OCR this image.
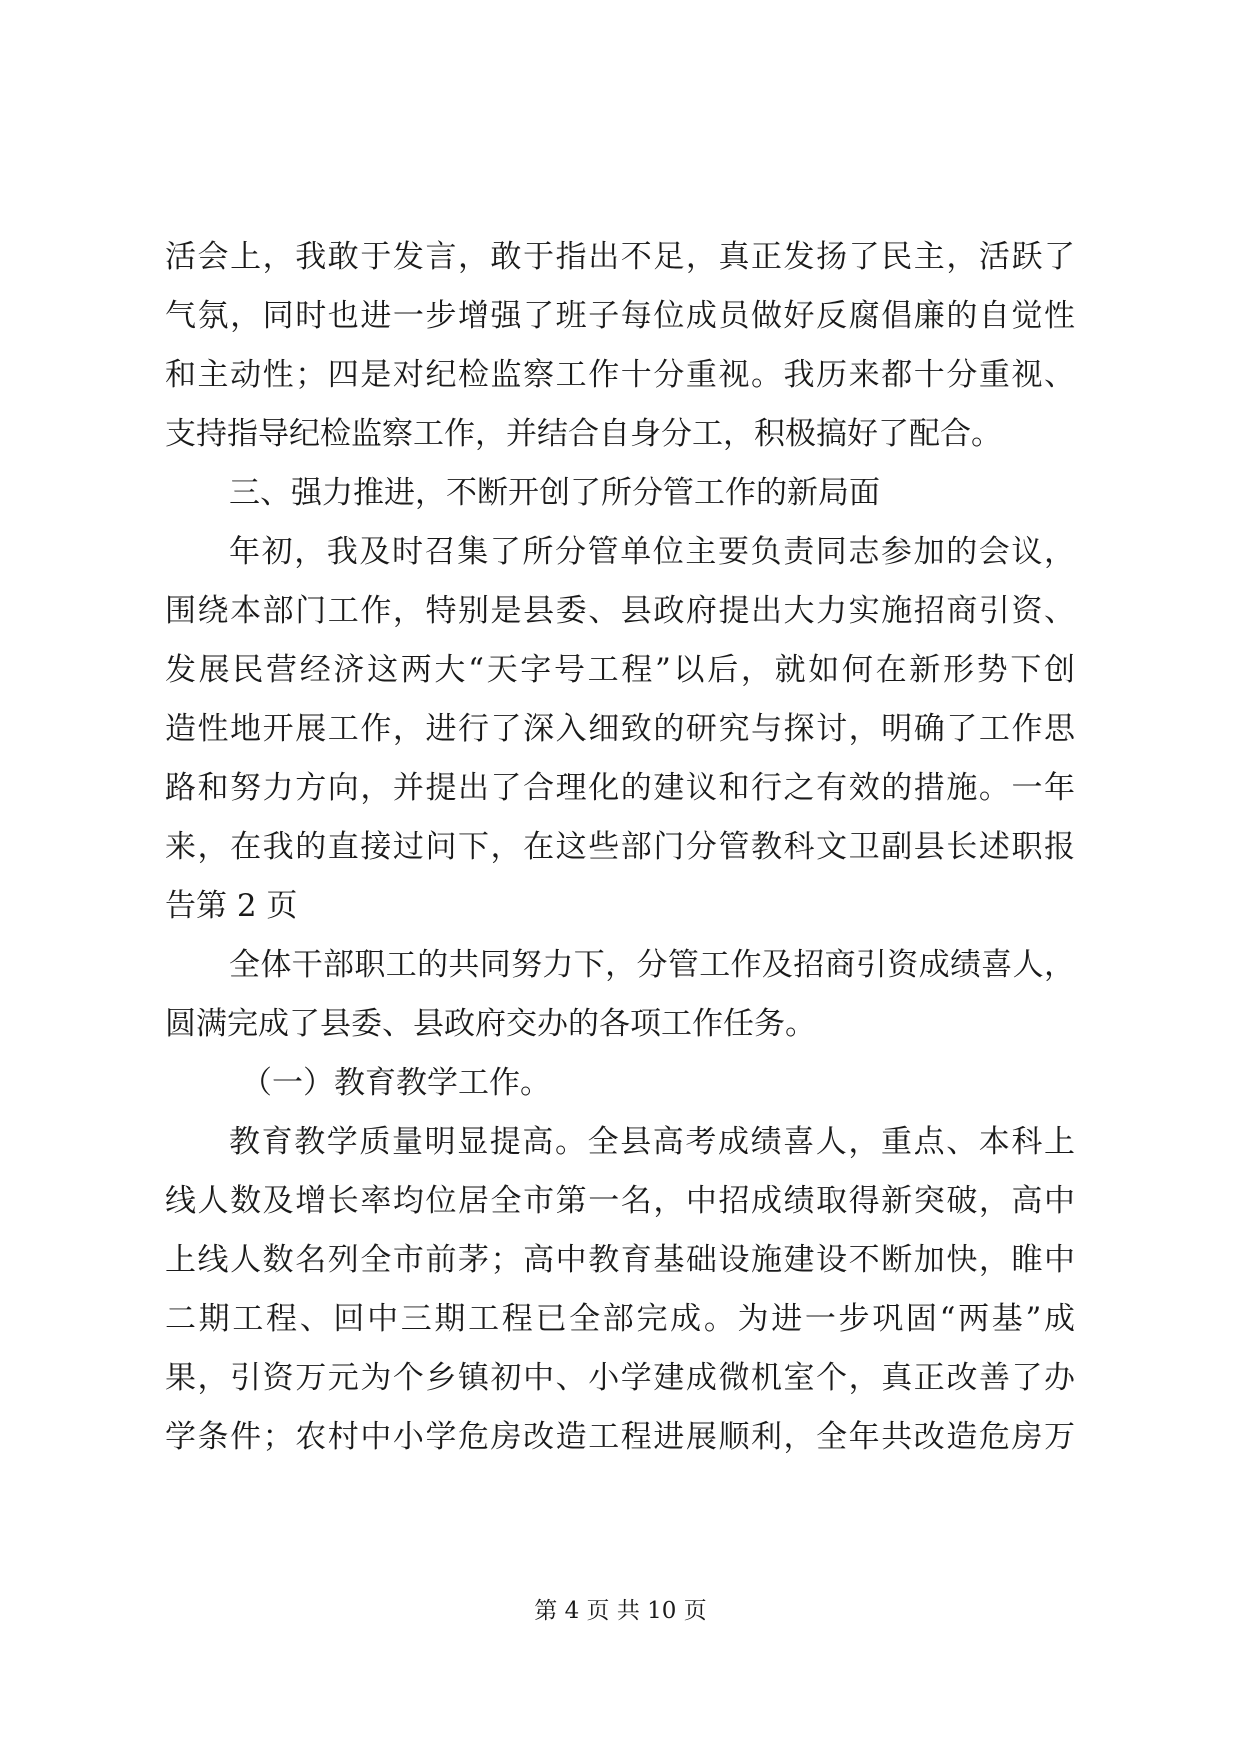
活会上，我敢于发言，敢于指出不足，真正发扬了民主，活跃了
气氛，同时也进一步增强了班子每位成员做好反腐倡廉的自觉性
和主动性；四是对纪检监察工作十分重视。我历来都十分重视、
支持指导纪检监察工作，并结合自身分工，积极搞好了配合。
三、强力推进，不断开创了所分管工作的新局面
年初，我及时召集了所分管单位主要负责同志参加的会议，
围绕本部门工作，特别是县委、县政府提出大力实施招商引资、
发展民营经济这两大“天字号工程”以后，就如何在新形势下创
造性地开展工作，进行了深入细致的研究与探讨，明确了工作思
路和努力方向，并提出了合理化的建议和行之有效的措施。一年
来，在我的直接过问下，在这些部门分管教科文卫副县长述职报
告第 2 页
全体干部职工的共同努力下，分管工作及招商引资成绩喜人，
圆满完成了县委、县政府交办的各项工作任务。
（一）教育教学工作。
教育教学质量明显提高。全县高考成绩喜人，重点、本科上
线人数及增长率均位居全市第一名，中招成绩取得新突破，高中
上线人数名列全市前茅；高中教育基础设施建设不断加快，睢中
二期工程、回中三期工程已全部完成。为进一步巩固“两基”成
果，引资万元为个乡镇初中、小学建成微机室个，真正改善了办
学条件；农村中小学危房改造工程进展顺利，全年共改造危房万
第 4 页 共 10 页
